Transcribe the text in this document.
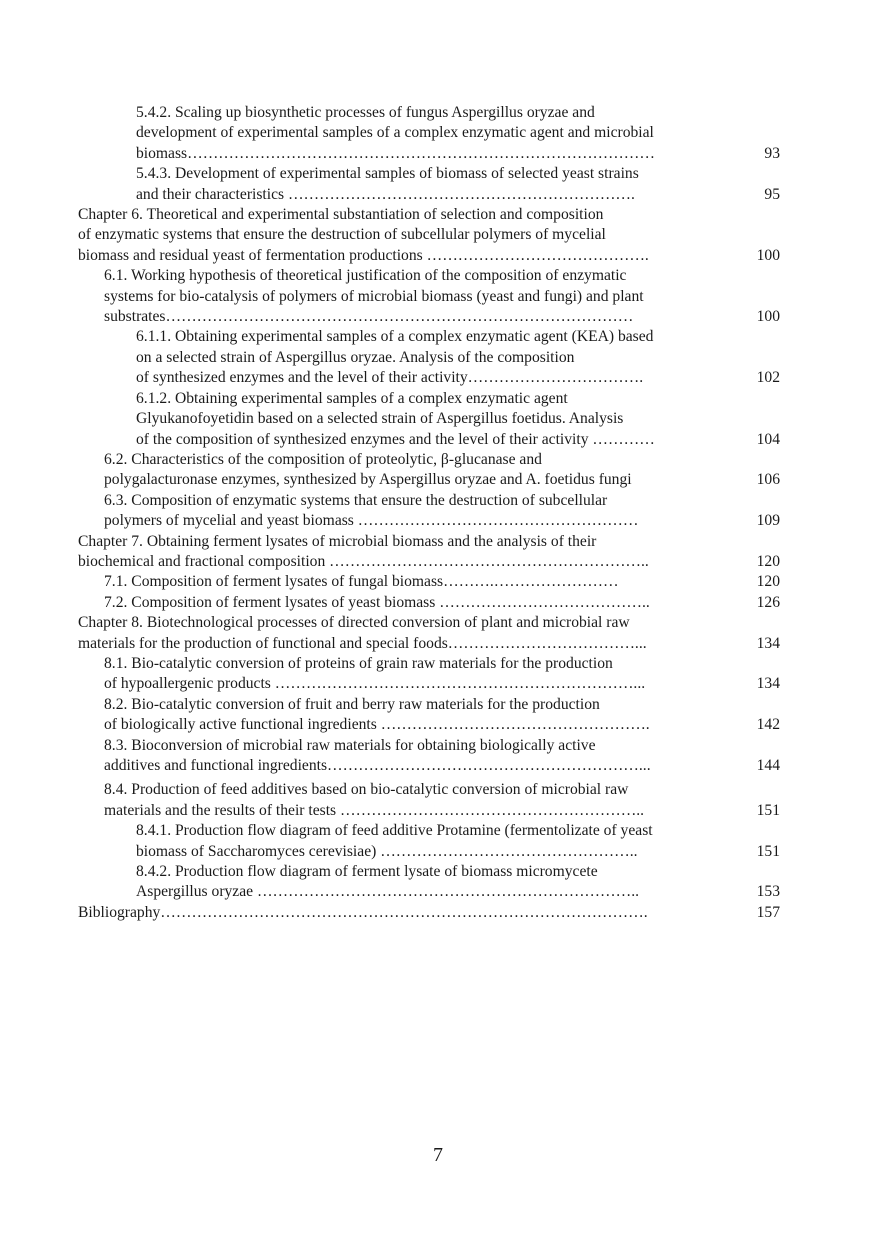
5.4.2. Scaling up biosynthetic processes of fungus Aspergillus oryzae and
development of experimental samples of a complex enzymatic agent and microbial
biomass………………………………………………………………………………	93
5.4.3. Development of experimental samples of biomass of selected yeast strains
and their characteristics ………………………………………………………….	95
Chapter 6. Theoretical and experimental substantiation of selection and composition
of enzymatic systems that ensure the destruction of subcellular polymers of mycelial
biomass and residual yeast of fermentation productions …………………………………….	100
6.1. Working hypothesis of theoretical justification of the composition of enzymatic
systems for bio-catalysis of polymers of microbial biomass (yeast and fungi) and plant
substrates………………………………………………………………………………	100
6.1.1. Obtaining experimental samples of a complex enzymatic agent (KEA) based
on a selected strain of Aspergillus oryzae. Analysis of the composition
of synthesized enzymes and the level of their activity…………………………….	102
6.1.2. Obtaining experimental samples of a complex enzymatic agent
Glyukanofoyetidin based on a selected strain of Aspergillus foetidus. Analysis
of the composition of synthesized enzymes and the level of their activity …………	104
6.2. Characteristics of the composition of proteolytic, β-glucanase and
polygalacturonase enzymes, synthesized by Aspergillus oryzae and A. foetidus fungi	106
6.3. Composition of enzymatic systems that ensure the destruction of subcellular
polymers of mycelial and yeast biomass ………………………………………………	109
Chapter 7. Obtaining ferment lysates of microbial biomass and the analysis of their
biochemical and fractional composition ……………………………………………………..	120
7.1. Composition of ferment lysates of fungal biomass……….……………………	120
7.2. Composition of ferment lysates of yeast biomass …………………………………..	126
Chapter 8. Biotechnological processes of directed conversion of plant and microbial raw
materials for the production of functional and special foods………………………………...	134
8.1. Bio-catalytic conversion of proteins of grain raw materials for the production
of hypoallergenic products ……………………………………………………………...	134
8.2. Bio-catalytic conversion of fruit and berry raw materials for the production
of biologically active functional ingredients …………………………………………….	142
8.3. Bioconversion of microbial raw materials for obtaining biologically active
additives and functional ingredients……………………………………………………...	144
8.4. Production of feed additives based on bio-catalytic conversion of microbial raw
materials and the results of their tests …………………………………………………..	151
8.4.1. Production flow diagram of feed additive Protamine (fermentolizate of yeast
biomass of Saccharomyces cerevisiae) …………………………………………..	151
8.4.2. Production flow diagram of ferment lysate of biomass micromycete
Aspergillus oryzae ………………………………………………………………..	153
Bibliography………………………………………………………………………………….	157
7
